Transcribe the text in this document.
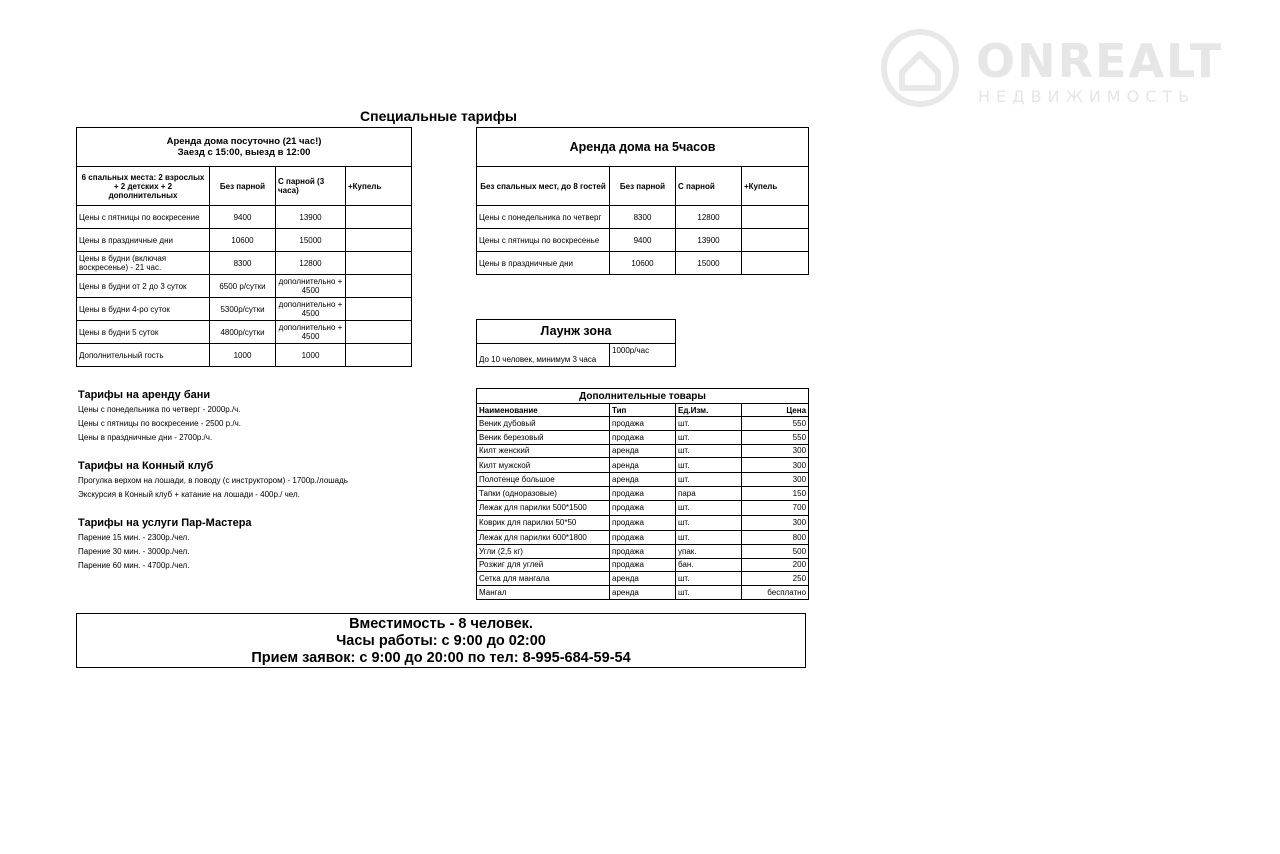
ONREALT
НЕДВИЖИМОСТЬ
Специальные тарифы
Аренда дома посуточно (21 час!)
Заезд с 15:00, выезд в 12:00			

6 спальных места: 2 взрослых + 2 детских + 2 дополнительных	Без парной	С парной (3 часа)	+Купель
Цены с пятницы по воскресение	9400	13900	
Цены в праздничные дни	10600	15000	
Цены в будни (включая воскресенье) - 21 час.	8300	12800	
Цены в будни от 2 до 3 суток	6500 р/сутки	дополнительно + 4500	
Цены в будни 4-ро суток	5300р/сутки	дополнительно + 4500	
Цены в будни 5 суток	4800р/сутки	дополнительно + 4500	
Дополнительный гость	1000	1000	
Аренда дома на 5часов			
Без спальных мест, до 8 гостей	Без парной	С парной	+Купель
Цены с понедельника по четверг	8300	12800	
Цены с пятницы по воскресенье	9400	13900	
Цены в праздничные дни	10600	15000	
Лаунж зона
До 10 человек, минимум 3 часа	1000р/час
Тарифы на аренду бани
Цены с понедельника по четверг - 2000р./ч.
Цены с пятницы по воскресение - 2500 р./ч.
Цены в праздничные дни - 2700р./ч.
Тарифы на Конный клуб
Прогулка верхом на лошади, в поводу (с инструктором) - 1700р./лошадь
Экскурсия в Конный клуб + катание на лошади - 400р./ чел.
Тарифы на услуги Пар-Мастера
Парение 15 мин. - 2300р./чел.
Парение 30 мин. - 3000р./чел.
Парение 60 мин. - 4700р./чел.
Дополнительные товары			
Наименование	Тип	Ед.Изм.	Цена
Веник дубовый	продажа	шт.	550
Веник березовый	продажа	шт.	550
Килт женский	аренда	шт.	300
Килт мужской	аренда	шт.	300
Полотенце большое	аренда	шт.	300
Тапки (одноразовые)	продажа	пара	150
Лежак для парилки 500*1500	продажа	шт.	700
Коврик для парилки 50*50	продажа	шт.	300
Лежак для парилки 600*1800	продажа	шт.	800
Угли (2,5 кг)	продажа	упак.	500
Розжиг для углей	продажа	бан.	200
Сетка для мангала	аренда	шт.	250
Мангал	аренда	шт.	бесплатно
Вместимость - 8 человек.
Часы работы: с 9:00 до 02:00
Прием заявок: с 9:00 до 20:00 по тел: 8-995-684-59-54
